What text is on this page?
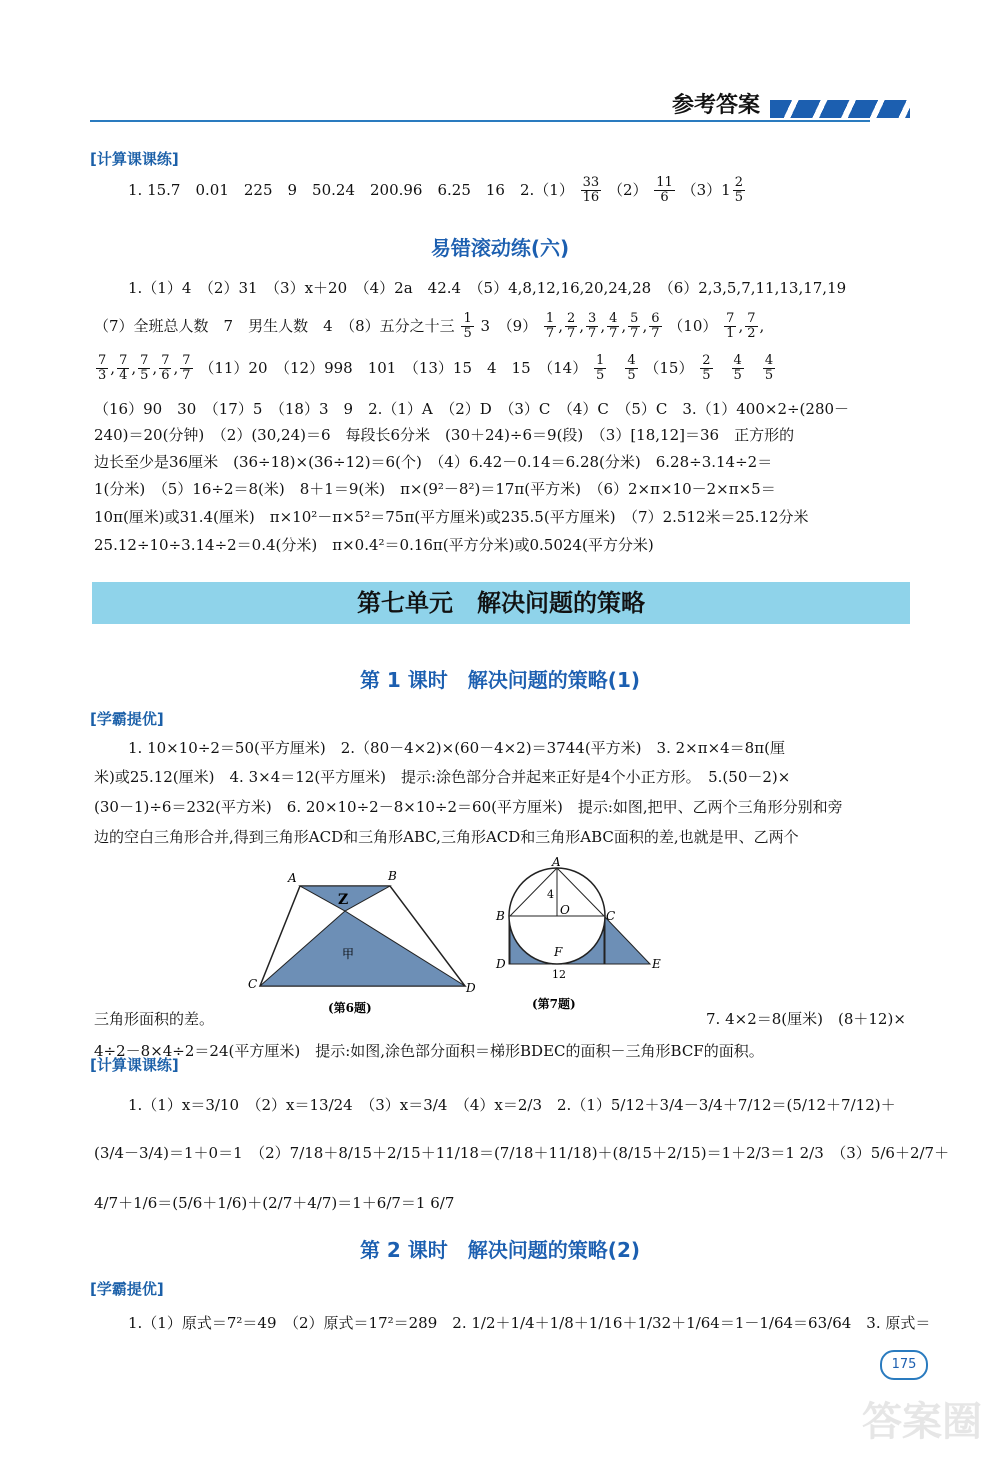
参考答案
[计算课课练]
1. 15.7　0.01　225　9　50.24　200.96　6.25　16　$2.(1) \frac{33}{16} (2) \frac{11}{6} (3)1 \frac{2}{5}$
易错滚动练(六)
1.（1）4　（2）31　（3）x＋20　（4）2a　42.4　（5）4,8,12,16,20,24,28　（6）2,3,5,7,11,13,17,19
（7）全班总人数　7　男生人数　4　（8）五分之十三 $\frac{1}{5} 3$　$(9) \frac{1}{7}$ , $\frac{2}{7}$ , $\frac{3}{7}$ , $\frac{4}{7}$ , $\frac{5}{7}$ , $\frac{6}{7} (10) \frac{7}{1}$ , $\frac{7}{2}$ ,
$\frac{7}{3}$ , $\frac{7}{4}$ , $\frac{7}{5}$ , $\frac{7}{6}$ , $\frac{7}{7} (11)20$　（12）998　101　（13）15　4　15　$(14) \frac{1}{5}$
　 $\frac{4}{5} (15) \frac{2}{5}$
　 $\frac{4}{5}$
　 $\frac{4}{5}$
（16）90　30　（17）5　（18）3　9　2.（1）A　（2）D　（3）C　（4）C　（5）C　3.（1）400×2÷(280－
240)＝20(分钟)　（2）(30,24)＝6　每段长6分米　(30＋24)÷6＝9(段)　（3）[18,12]＝36　正方形的
边长至少是36厘米　(36÷18)×(36÷12)＝6(个)　（4）6.42－0.14＝6.28(分米)　6.28÷3.14÷2＝
1(分米)　（5）16÷2＝8(米)　8＋1＝9(米)　π×(9²－8²)＝17π(平方米)　（6）2×π×10－2×π×5＝
10π(厘米)或31.4(厘米)　π×10²－π×5²＝75π(平方厘米)或235.5(平方厘米)　（7）2.512米＝25.12分米
25.12÷10÷3.14÷2＝0.4(分米)　π×0.4²＝0.16π(平方分米)或0.5024(平方分米)
第七单元　解决问题的策略
第 1 课时　解决问题的策略(1)
[学霸提优]
1. 10×10÷2＝50(平方厘米)　2.（80－4×2)×(60－4×2)＝3744(平方米)　3. 2×π×4＝8π(厘
米)或25.12(厘米)　4. 3×4＝12(平方厘米)　提示:涂色部分合并起来正好是4个小正方形。　5.(50－2)×
(30－1)÷6＝232(平方米)　6. 20×10÷2－8×10÷2＝60(平方厘米)　提示:如图,把甲、乙两个三角形分别和旁
边的空白三角形合并,得到三角形ACD和三角形ABC,三角形ACD和三角形ABC面积的差,也就是甲、乙两个
Z
甲
A	B
C	D
(第6题)
A
B	C
O
4
F
D	E
12
(第7题)
三角形面积的差。	7. 4×2＝8(厘米)　(8＋12)×
4÷2－8×4÷2＝24(平方厘米)　提示:如图,涂色部分面积＝梯形BDEC的面积－三角形BCF的面积。
[计算课课练]
1.（1）x＝3/10　（2）x＝13/24　（3）x＝3/4　（4）x＝2/3　2.（1）5/12＋3/4－3/4＋7/12＝(5/12＋7/12)＋
(3/4－3/4)＝1＋0＝1　（2）7/18＋8/15＋2/15＋11/18＝(7/18＋11/18)＋(8/15＋2/15)＝1＋2/3＝1 2/3　（3）5/6＋2/7＋
4/7＋1/6＝(5/6＋1/6)＋(2/7＋4/7)＝1＋6/7＝1 6/7
第 2 课时　解决问题的策略(2)
[学霸提优]
1.（1）原式＝7²＝49　（2）原式＝17²＝289　2. 1/2＋1/4＋1/8＋1/16＋1/32＋1/64＝1－1/64＝63/64　3. 原式＝
175
答案圈
